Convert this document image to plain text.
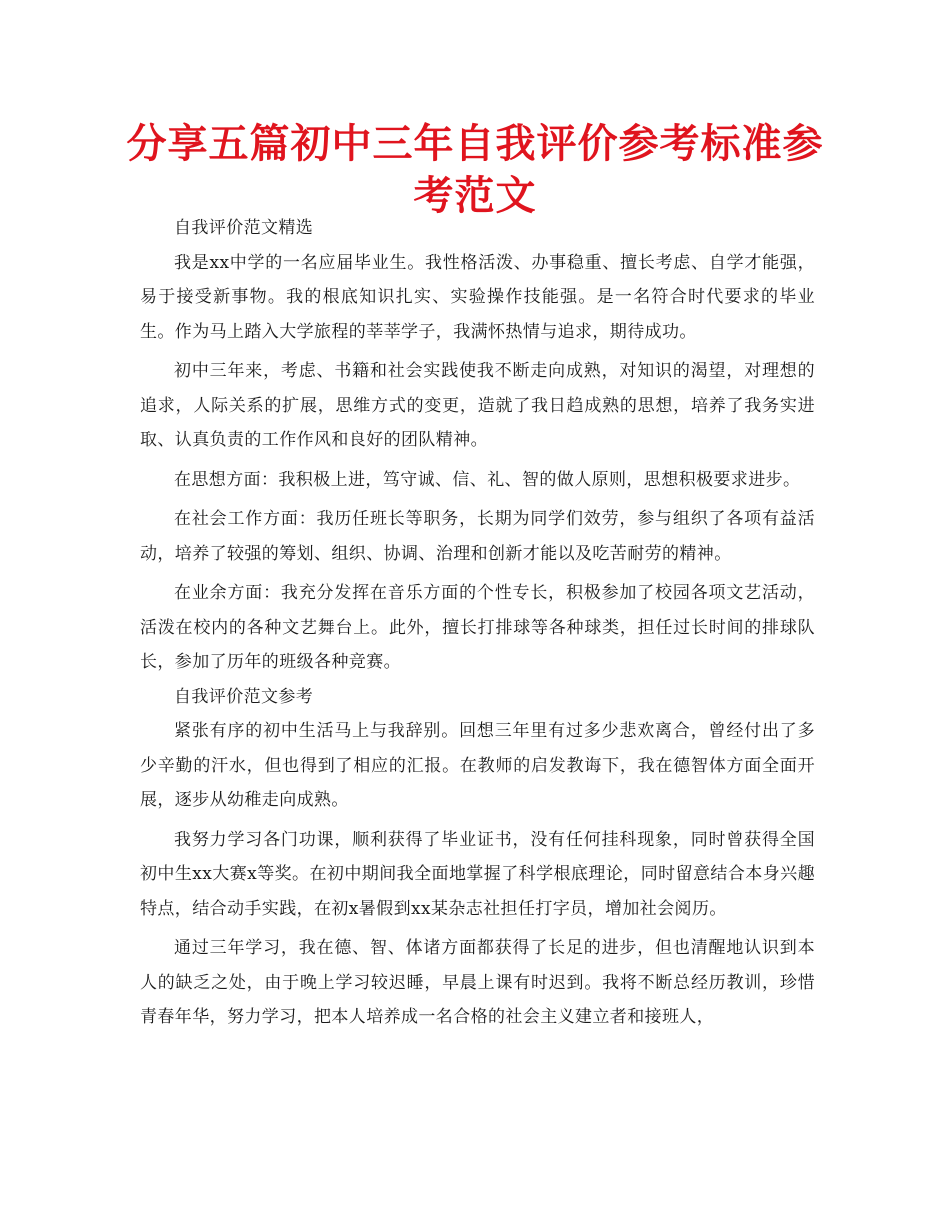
分享五篇初中三年自我评价参考标准参考范文

自我评价范文精选

我是xx中学的一名应届毕业生。我性格活泼、办事稳重、擅长考虑、自学才能强，易于接受新事物。我的根底知识扎实、实验操作技能强。是一名符合时代要求的毕业生。作为马上踏入大学旅程的莘莘学子，我满怀热情与追求，期待成功。

初中三年来，考虑、书籍和社会实践使我不断走向成熟，对知识的渴望，对理想的追求，人际关系的扩展，思维方式的变更，造就了我日趋成熟的思想，培养了我务实进取、认真负责的工作作风和良好的团队精神。

在思想方面：我积极上进，笃守诚、信、礼、智的做人原则，思想积极要求进步。

在社会工作方面：我历任班长等职务，长期为同学们效劳，参与组织了各项有益活动，培养了较强的筹划、组织、协调、治理和创新才能以及吃苦耐劳的精神。

在业余方面：我充分发挥在音乐方面的个性专长，积极参加了校园各项文艺活动，活泼在校内的各种文艺舞台上。此外，擅长打排球等各种球类，担任过长时间的排球队长，参加了历年的班级各种竞赛。

自我评价范文参考

紧张有序的初中生活马上与我辞别。回想三年里有过多少悲欢离合，曾经付出了多少辛勤的汗水，但也得到了相应的汇报。在教师的启发教诲下，我在德智体方面全面开展，逐步从幼稚走向成熟。

我努力学习各门功课，顺利获得了毕业证书，没有任何挂科现象，同时曾获得全国初中生xx大赛x等奖。在初中期间我全面地掌握了科学根底理论，同时留意结合本身兴趣特点，结合动手实践，在初x暑假到xx某杂志社担任打字员，增加社会阅历。

通过三年学习，我在德、智、体诸方面都获得了长足的进步，但也清醒地认识到本人的缺乏之处，由于晚上学习较迟睡，早晨上课有时迟到。我将不断总经历教训，珍惜青春年华，努力学习，把本人培养成一名合格的社会主义建立者和接班人，
